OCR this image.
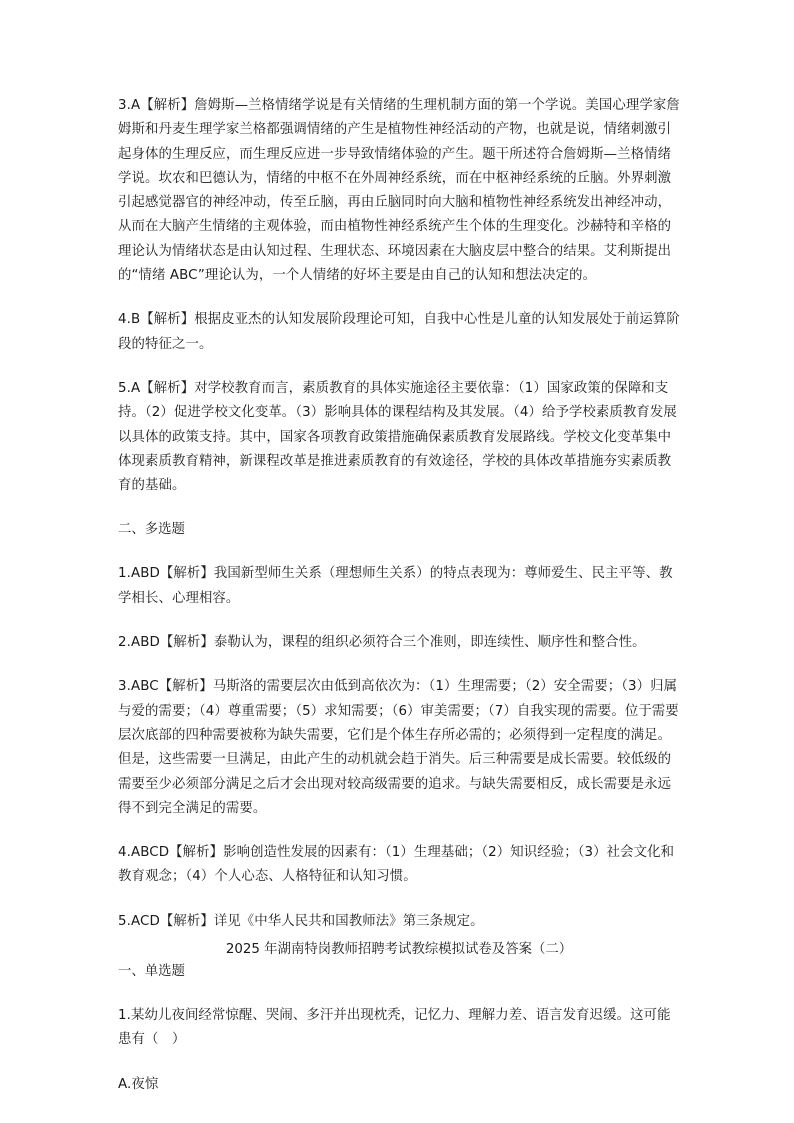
3.A【解析】詹姆斯—兰格情绪学说是有关情绪的生理机制方面的第一个学说。美国心理学家詹姆斯和丹麦生理学家兰格都强调情绪的产生是植物性神经活动的产物，也就是说，情绪刺激引起身体的生理反应，而生理反应进一步导致情绪体验的产生。题干所述符合詹姆斯—兰格情绪学说。坎农和巴德认为，情绪的中枢不在外周神经系统，而在中枢神经系统的丘脑。外界刺激引起感觉器官的神经冲动，传至丘脑，再由丘脑同时向大脑和植物性神经系统发出神经冲动，从而在大脑产生情绪的主观体验，而由植物性神经系统产生个体的生理变化。沙赫特和辛格的理论认为情绪状态是由认知过程、生理状态、环境因素在大脑皮层中整合的结果。艾利斯提出的“情绪 ABC”理论认为，一个人情绪的好坏主要是由自己的认知和想法决定的。

4.B【解析】根据皮亚杰的认知发展阶段理论可知，自我中心性是儿童的认知发展处于前运算阶段的特征之一。

5.A【解析】对学校教育而言，素质教育的具体实施途径主要依靠：（1）国家政策的保障和支持。（2）促进学校文化变革。（3）影响具体的课程结构及其发展。（4）给予学校素质教育发展以具体的政策支持。其中，国家各项教育政策措施确保素质教育发展路线。学校文化变革集中体现素质教育精神，新课程改革是推进素质教育的有效途径，学校的具体改革措施夯实素质教育的基础。

二、多选题

1.ABD【解析】我国新型师生关系（理想师生关系）的特点表现为：尊师爱生、民主平等、教学相长、心理相容。

2.ABD【解析】泰勒认为，课程的组织必须符合三个准则，即连续性、顺序性和整合性。

3.ABC【解析】马斯洛的需要层次由低到高依次为：（1）生理需要；（2）安全需要；（3）归属与爱的需要；（4）尊重需要；（5）求知需要；（6）审美需要；（7）自我实现的需要。位于需要层次底部的四种需要被称为缺失需要，它们是个体生存所必需的；必须得到一定程度的满足。但是，这些需要一旦满足，由此产生的动机就会趋于消失。后三种需要是成长需要。较低级的需要至少必须部分满足之后才会出现对较高级需要的追求。与缺失需要相反，成长需要是永远得不到完全满足的需要。

4.ABCD【解析】影响创造性发展的因素有：（1）生理基础；（2）知识经验；（3）社会文化和教育观念；（4）个人心态、人格特征和认知习惯。

5.ACD【解析】详见《中华人民共和国教师法》第三条规定。

2025 年湖南特岗教师招聘考试教综模拟试卷及答案（二）

一、单选题

1.某幼儿夜间经常惊醒、哭闹、多汗并出现枕秃，记忆力、理解力差、语言发育迟缓。这可能患有（　）

A.夜惊
